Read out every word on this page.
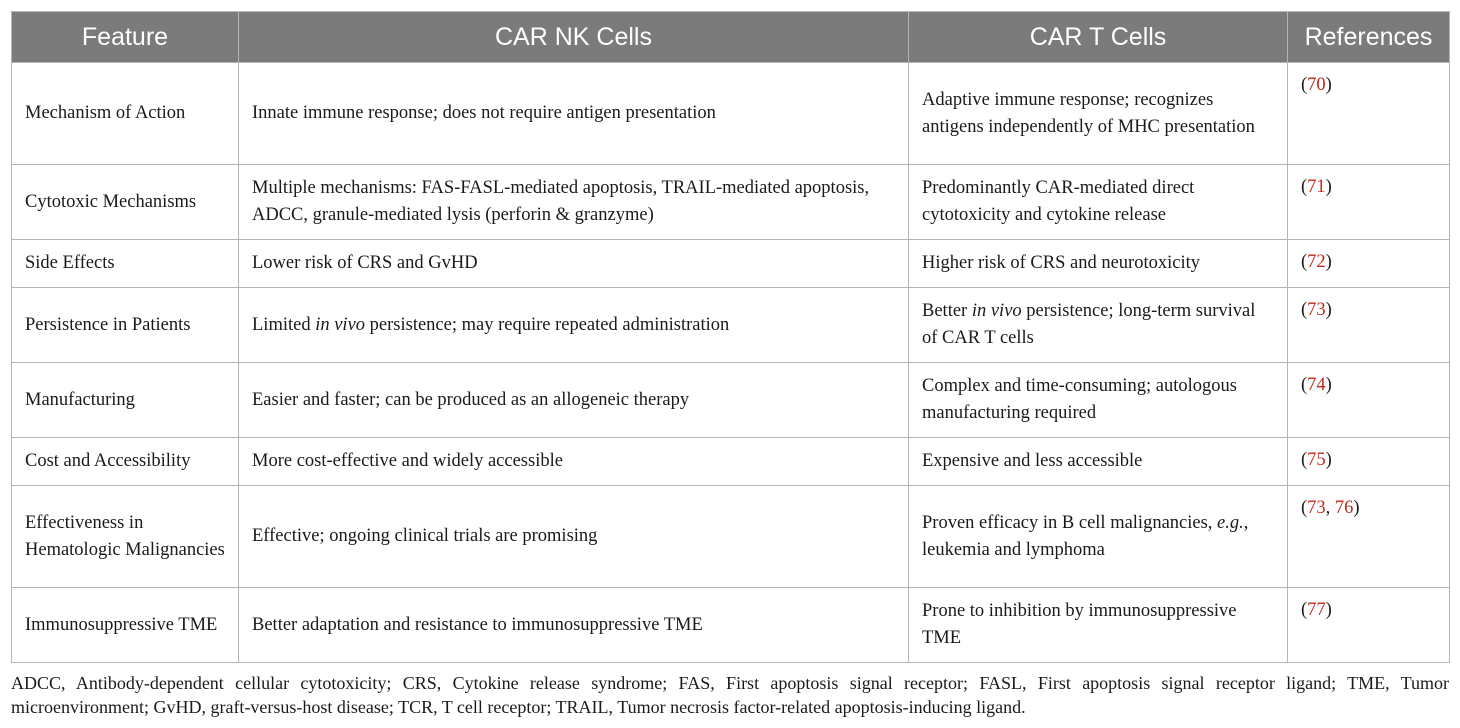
Feature	CAR NK Cells	CAR T Cells	References
Mechanism of Action	Innate immune response; does not require antigen presentation	Adaptive immune response; recognizes antigens independently of MHC presentation	(70)
Cytotoxic Mechanisms	Multiple mechanisms: FAS-FASL-mediated apoptosis, TRAIL-mediated apoptosis, ADCC, granule-mediated lysis (perforin & granzyme)	Predominantly CAR-mediated direct cytotoxicity and cytokine release	(71)
Side Effects	Lower risk of CRS and GvHD	Higher risk of CRS and neurotoxicity	(72)
Persistence in Patients	Limited in vivo persistence; may require repeated administration	Better in vivo persistence; long-term survival of CAR T cells	(73)
Manufacturing	Easier and faster; can be produced as an allogeneic therapy	Complex and time-consuming; autologous manufacturing required	(74)
Cost and Accessibility	More cost-effective and widely accessible	Expensive and less accessible	(75)
Effectiveness in Hematologic Malignancies	Effective; ongoing clinical trials are promising	Proven efficacy in B cell malignancies, e.g., leukemia and lymphoma	(73, 76)
Immunosuppressive TME	Better adaptation and resistance to immunosuppressive TME	Prone to inhibition by immunosuppressive TME	(77)
ADCC, Antibody-dependent cellular cytotoxicity; CRS, Cytokine release syndrome; FAS, First apoptosis signal receptor; FASL, First apoptosis signal receptor ligand; TME, Tumor microenvironment; GvHD, graft-versus-host disease; TCR, T cell receptor; TRAIL, Tumor necrosis factor-related apoptosis-inducing ligand.
